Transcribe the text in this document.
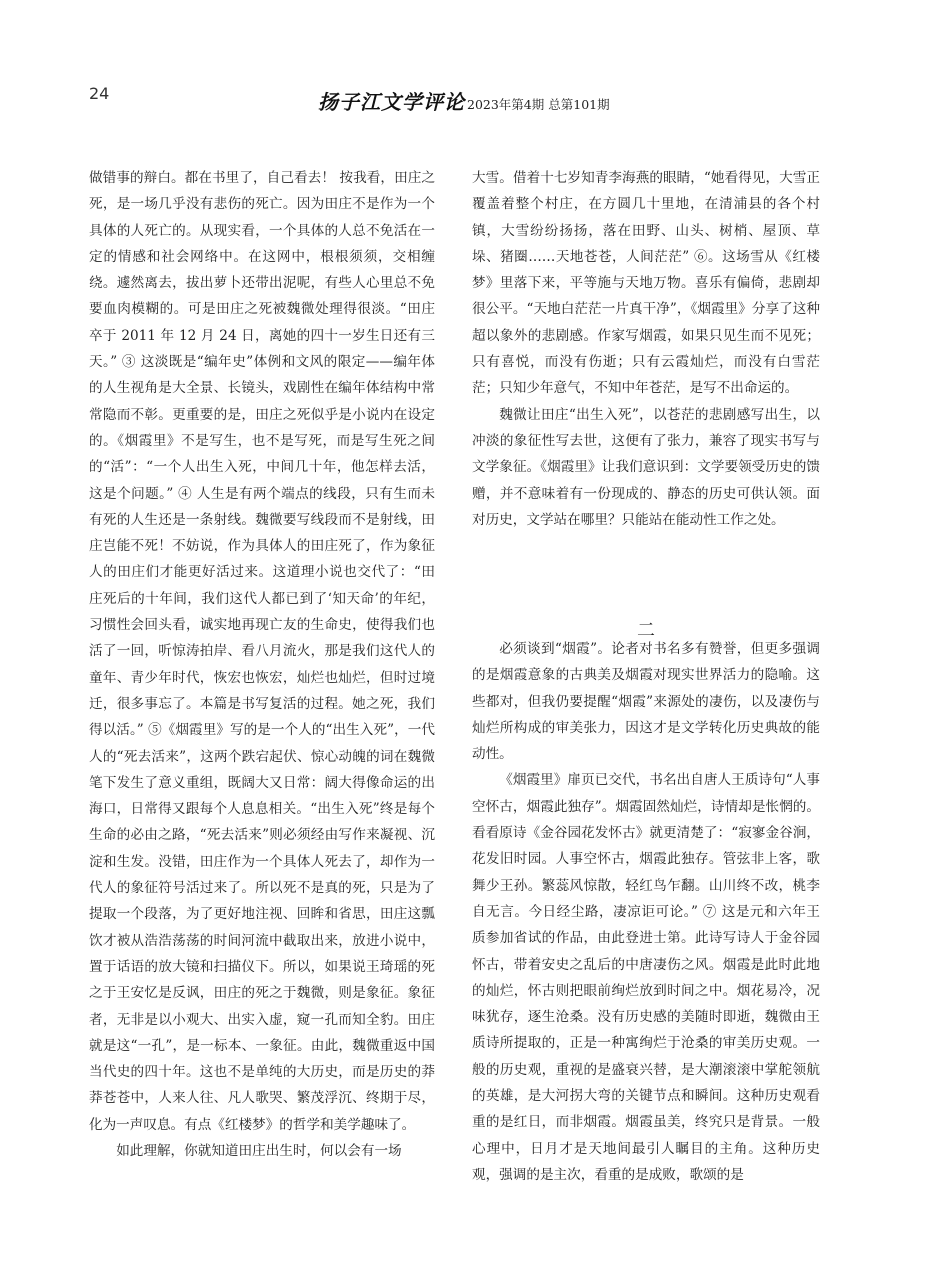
24	扬子江文学评论 2023年第4期 总第101期

做错事的辩白。都在书里了，自己看去！ 按我看，田庄之死，是一场几乎没有悲伤的死亡。因为田庄不是作为一个具体的人死亡的。从现实看，一个具体的人总不免活在一定的情感和社会网络中。在这网中，根根须须，交相缠绕。遽然离去，拔出萝卜还带出泥呢，有些人心里总不免要血肉模糊的。可是田庄之死被魏微处理得很淡。“田庄卒于 2011 年 12 月 24 日，离她的四十一岁生日还有三天。” ③ 这淡既是“编年史”体例和文风的限定——编年体的人生视角是大全景、长镜头，戏剧性在编年体结构中常常隐而不彰。更重要的是，田庄之死似乎是小说内在设定的。《烟霞里》不是写生，也不是写死，而是写生死之间的“活”：“一个人出生入死，中间几十年，他怎样去活，这是个问题。” ④ 人生是有两个端点的线段，只有生而未有死的人生还是一条射线。魏微要写线段而不是射线，田庄岂能不死！不妨说，作为具体人的田庄死了，作为象征人的田庄们才能更好活过来。这道理小说也交代了：“田庄死后的十年间，我们这代人都已到了‘知天命’的年纪，习惯性会回头看，诚实地再现亡友的生命史，使得我们也活了一回，听惊涛拍岸、看八月流火，那是我们这代人的童年、青少年时代，恢宏也恢宏，灿烂也灿烂，但时过境迁，很多事忘了。本篇是书写复活的过程。她之死，我们得以活。” ⑤《烟霞里》写的是一个人的“出生入死”，一代人的“死去活来”，这两个跌宕起伏、惊心动魄的词在魏微笔下发生了意义重组，既阔大又日常：阔大得像命运的出海口，日常得又跟每个人息息相关。“出生入死”终是每个生命的必由之路，“死去活来”则必须经由写作来凝视、沉淀和生发。没错，田庄作为一个具体人死去了，却作为一代人的象征符号活过来了。所以死不是真的死，只是为了提取一个段落，为了更好地注视、回眸和省思，田庄这瓢饮才被从浩浩荡荡的时间河流中截取出来，放进小说中，置于话语的放大镜和扫描仪下。所以，如果说王琦瑶的死之于王安忆是反讽，田庄的死之于魏微，则是象征。象征者，无非是以小观大、出实入虚，窥一孔而知全豹。田庄就是这“一孔”，是一标本、一象征。由此，魏微重返中国当代史的四十年。这也不是单纯的大历史，而是历史的莽莽苍苍中，人来人往、凡人歌哭、繁茂浮沉、终期于尽，化为一声叹息。有点《红楼梦》的哲学和美学趣味了。

如此理解，你就知道田庄出生时，何以会有一场

大雪。借着十七岁知青李海燕的眼睛，“她看得见，大雪正覆盖着整个村庄，在方圆几十里地，在清浦县的各个村镇，大雪纷纷扬扬，落在田野、山头、树梢、屋顶、草垛、猪圈……天地苍苍，人间茫茫” ⑥。这场雪从《红楼梦》里落下来，平等施与天地万物。喜乐有偏倚，悲剧却很公平。“天地白茫茫一片真干净”，《烟霞里》分享了这种超以象外的悲剧感。作家写烟霞，如果只见生而不见死；只有喜悦，而没有伤逝；只有云霞灿烂，而没有白雪茫茫；只知少年意气，不知中年苍茫，是写不出命运的。

魏微让田庄“出生入死”，以苍茫的悲剧感写出生，以冲淡的象征性写去世，这便有了张力，兼容了现实书写与文学象征。《烟霞里》让我们意识到：文学要领受历史的馈赠，并不意味着有一份现成的、静态的历史可供认领。面对历史，文学站在哪里？只能站在能动性工作之处。

二

必须谈到“烟霞”。论者对书名多有赞誉，但更多强调的是烟霞意象的古典美及烟霞对现实世界活力的隐喻。这些都对，但我仍要提醒“烟霞”来源处的凄伤，以及凄伤与灿烂所构成的审美张力，因这才是文学转化历史典故的能动性。

《烟霞里》扉页已交代，书名出自唐人王质诗句“人事空怀古，烟霞此独存”。烟霞固然灿烂，诗情却是怅惘的。看看原诗《金谷园花发怀古》就更清楚了：“寂寥金谷涧，花发旧时园。人事空怀古，烟霞此独存。管弦非上客，歌舞少王孙。繁蕊风惊散，轻红鸟乍翻。山川终不改，桃李自无言。今日经尘路，凄凉讵可论。” ⑦ 这是元和六年王质参加省试的作品，由此登进士第。此诗写诗人于金谷园怀古，带着安史之乱后的中唐凄伤之风。烟霞是此时此地的灿烂，怀古则把眼前绚烂放到时间之中。烟花易冷，况味犹存，逐生沧桑。没有历史感的美随时即逝，魏微由王质诗所提取的，正是一种寓绚烂于沧桑的审美历史观。一般的历史观，重视的是盛衰兴替，是大潮滚滚中掌舵领航的英雄，是大河拐大弯的关键节点和瞬间。这种历史观看重的是红日，而非烟霞。烟霞虽美，终究只是背景。一般心理中，日月才是天地间最引人瞩目的主角。这种历史观，强调的是主次，看重的是成败，歌颂的是
